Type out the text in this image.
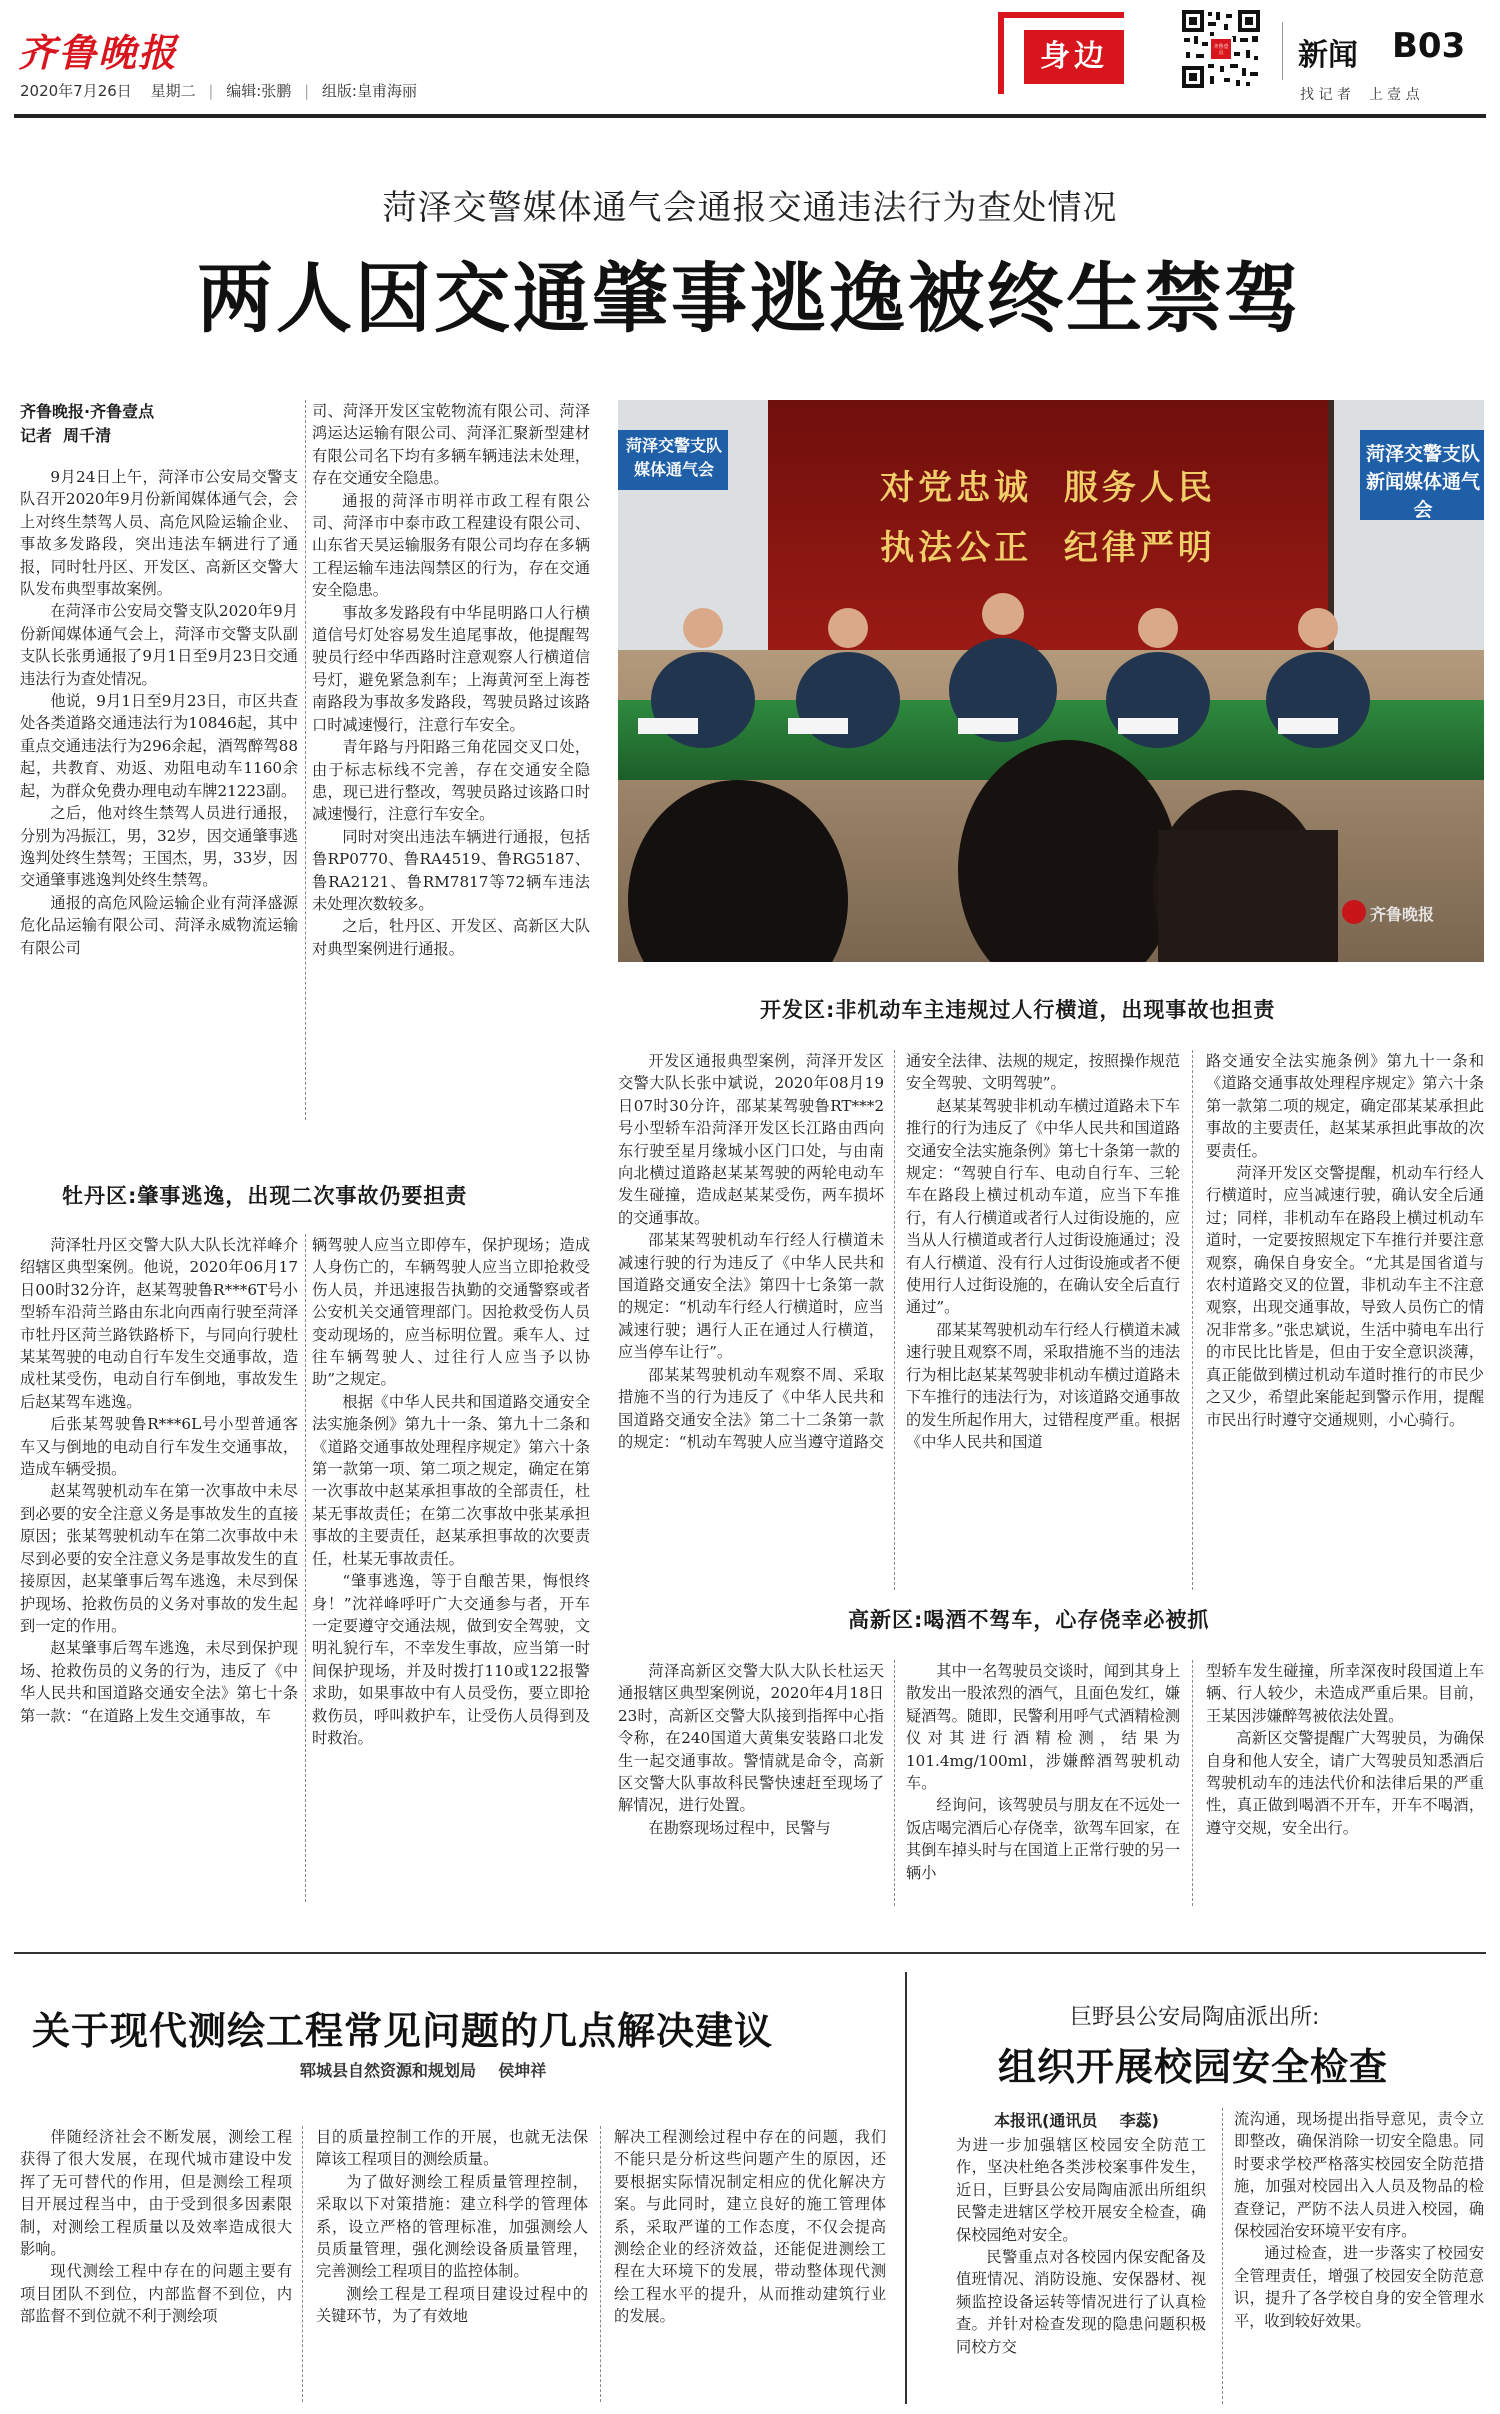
齐鲁晚报
2020年7月26日 星期二 | 编辑:张鹏 | 组版:皇甫海丽
身边	齐鲁壹点 新闻 B03
找 记 者    上 壹 点
菏泽交警媒体通气会通报交通违法行为查处情况
两人因交通肇事逃逸被终生禁驾
齐鲁晚报·齐鲁壹点
记者  周千清

9月24日上午，菏泽市公安局交警支队召开2020年9月份新闻媒体通气会，会上对终生禁驾人员、高危风险运输企业、事故多发路段，突出违法车辆进行了通报，同时牡丹区、开发区、高新区交警大队发布典型事故案例。

在菏泽市公安局交警支队2020年9月份新闻媒体通气会上，菏泽市交警支队副支队长张勇通报了9月1日至9月23日交通违法行为查处情况。

他说，9月1日至9月23日，市区共查处各类道路交通违法行为10846起，其中重点交通违法行为296余起，酒驾醉驾88起，共教育、劝返、劝阻电动车1160余起，为群众免费办理电动车牌21223副。

之后，他对终生禁驾人员进行通报，分别为冯振江，男，32岁，因交通肇事逃逸判处终生禁驾；王国杰，男，33岁，因交通肇事逃逸判处终生禁驾。

通报的高危风险运输企业有菏泽盛源危化品运输有限公司、菏泽永威物流运输有限公司

司、菏泽开发区宝乾物流有限公司、菏泽鸿运达运输有限公司、菏泽汇聚新型建材有限公司名下均有多辆车辆违法未处理，存在交通安全隐患。

通报的菏泽市明祥市政工程有限公司、菏泽市中泰市政工程建设有限公司、山东省天昊运输服务有限公司均存在多辆工程运输车违法闯禁区的行为，存在交通安全隐患。

事故多发路段有中华昆明路口人行横道信号灯处容易发生追尾事故，他提醒驾驶员行经中华西路时注意观察人行横道信号灯，避免紧急刹车；上海黄河至上海苍南路段为事故多发路段，驾驶员路过该路口时减速慢行，注意行车安全。

青年路与丹阳路三角花园交叉口处，由于标志标线不完善，存在交通安全隐患，现已进行整改，驾驶员路过该路口时减速慢行，注意行车安全。

同时对突出违法车辆进行通报，包括鲁RP0770、鲁RA4519、鲁RG5187、鲁RA2121、鲁RM7817等72辆车违法未处理次数较多。

之后，牡丹区、开发区、高新区大队对典型案例进行通报。

菏泽交警支队 媒体通气会
菏泽交警支队 新闻媒体通气会
对党忠诚  服务人民
执法公正  纪律严明
齐鲁晚报
开发区:非机动车主违规过人行横道，出现事故也担责

开发区通报典型案例，菏泽开发区交警大队长张中斌说，2020年08月19日07时30分许，邵某某驾驶鲁RT***2号小型轿车沿菏泽开发区长江路由西向东行驶至星月缘城小区门口处，与由南向北横过道路赵某某驾驶的两轮电动车发生碰撞，造成赵某某受伤，两车损坏的交通事故。

邵某某驾驶机动车行经人行横道未减速行驶的行为违反了《中华人民共和国道路交通安全法》第四十七条第一款的规定：“机动车行经人行横道时，应当减速行驶；遇行人正在通过人行横道，应当停车让行”。

邵某某驾驶机动车观察不周、采取措施不当的行为违反了《中华人民共和国道路交通安全法》第二十二条第一款的规定：“机动车驾驶人应当遵守道路交

通安全法律、法规的规定，按照操作规范安全驾驶、文明驾驶”。

赵某某驾驶非机动车横过道路未下车推行的行为违反了《中华人民共和国道路交通安全法实施条例》第七十条第一款的规定：“驾驶自行车、电动自行车、三轮车在路段上横过机动车道，应当下车推行，有人行横道或者行人过街设施的，应当从人行横道或者行人过街设施通过；没有人行横道、没有行人过街设施或者不便使用行人过街设施的，在确认安全后直行通过”。

邵某某驾驶机动车行经人行横道未减速行驶且观察不周，采取措施不当的违法行为相比赵某某驾驶非机动车横过道路未下车推行的违法行为，对该道路交通事故的发生所起作用大，过错程度严重。根据《中华人民共和国道

路交通安全法实施条例》第九十一条和《道路交通事故处理程序规定》第六十条第一款第二项的规定，确定邵某某承担此事故的主要责任，赵某某承担此事故的次要责任。

菏泽开发区交警提醒，机动车行经人行横道时，应当减速行驶，确认安全后通过；同样，非机动车在路段上横过机动车道时，一定要按照规定下车推行并要注意观察，确保自身安全。“尤其是国省道与农村道路交叉的位置，非机动车主不注意观察，出现交通事故，导致人员伤亡的情况非常多。”张忠斌说，生活中骑电车出行的市民比比皆是，但由于安全意识淡薄，真正能做到横过机动车道时推行的市民少之又少，希望此案能起到警示作用，提醒市民出行时遵守交通规则，小心骑行。

牡丹区:肇事逃逸，出现二次事故仍要担责

菏泽牡丹区交警大队大队长沈祥峰介绍辖区典型案例。他说，2020年06月17日00时32分许，赵某驾驶鲁R***6T号小型轿车沿菏兰路由东北向西南行驶至菏泽市牡丹区菏兰路铁路桥下，与同向行驶杜某某驾驶的电动自行车发生交通事故，造成杜某受伤，电动自行车倒地，事故发生后赵某驾车逃逸。

后张某驾驶鲁R***6L号小型普通客车又与倒地的电动自行车发生交通事故，造成车辆受损。

赵某驾驶机动车在第一次事故中未尽到必要的安全注意义务是事故发生的直接原因；张某驾驶机动车在第二次事故中未尽到必要的安全注意义务是事故发生的直接原因，赵某肇事后驾车逃逸，未尽到保护现场、抢救伤员的义务对事故的发生起到一定的作用。

赵某肇事后驾车逃逸，未尽到保护现场、抢救伤员的义务的行为，违反了《中华人民共和国道路交通安全法》第七十条第一款：“在道路上发生交通事故，车

辆驾驶人应当立即停车，保护现场；造成人身伤亡的，车辆驾驶人应当立即抢救受伤人员，并迅速报告执勤的交通警察或者公安机关交通管理部门。因抢救受伤人员变动现场的，应当标明位置。乘车人、过往车辆驾驶人、过往行人应当予以协助”之规定。

根据《中华人民共和国道路交通安全法实施条例》第九十一条、第九十二条和《道路交通事故处理程序规定》第六十条第一款第一项、第二项之规定，确定在第一次事故中赵某承担事故的全部责任，杜某无事故责任；在第二次事故中张某承担事故的主要责任，赵某承担事故的次要责任，杜某无事故责任。

“肇事逃逸，等于自酿苦果，悔恨终身！”沈祥峰呼吁广大交通参与者，开车一定要遵守交通法规，做到安全驾驶，文明礼貌行车，不幸发生事故，应当第一时间保护现场，并及时拨打110或122报警求助，如果事故中有人员受伤，要立即抢救伤员，呼叫救护车，让受伤人员得到及时救治。

高新区:喝酒不驾车，心存侥幸必被抓

菏泽高新区交警大队大队长杜运天通报辖区典型案例说，2020年4月18日23时，高新区交警大队接到指挥中心指令称，在240国道大黄集安装路口北发生一起交通事故。警情就是命令，高新区交警大队事故科民警快速赶至现场了解情况，进行处置。

在勘察现场过程中，民警与

其中一名驾驶员交谈时，闻到其身上散发出一股浓烈的酒气，且面色发红，嫌疑酒驾。随即，民警利用呼气式酒精检测仪对其进行酒精检测，结果为101.4mg/100ml，涉嫌醉酒驾驶机动车。

经询问，该驾驶员与朋友在不远处一饭店喝完酒后心存侥幸，欲驾车回家，在其倒车掉头时与在国道上正常行驶的另一辆小

型轿车发生碰撞，所幸深夜时段国道上车辆、行人较少，未造成严重后果。目前，王某因涉嫌醉驾被依法处置。

高新区交警提醒广大驾驶员，为确保自身和他人安全，请广大驾驶员知悉酒后驾驶机动车的违法代价和法律后果的严重性，真正做到喝酒不开车，开车不喝酒，遵守交规，安全出行。

关于现代测绘工程常见问题的几点解决建议
郓城县自然资源和规划局    侯坤祥

伴随经济社会不断发展，测绘工程获得了很大发展，在现代城市建设中发挥了无可替代的作用，但是测绘工程项目开展过程当中，由于受到很多因素限制，对测绘工程质量以及效率造成很大影响。

现代测绘工程中存在的问题主要有项目团队不到位，内部监督不到位，内部监督不到位就不利于测绘项

目的质量控制工作的开展，也就无法保障该工程项目的测绘质量。

为了做好测绘工程质量管理控制，采取以下对策措施：建立科学的管理体系，设立严格的管理标准，加强测绘人员质量管理，强化测绘设备质量管理，完善测绘工程项目的监控体制。

测绘工程是工程项目建设过程中的关键环节，为了有效地

解决工程测绘过程中存在的问题，我们不能只是分析这些问题产生的原因，还要根据实际情况制定相应的优化解决方案。与此同时，建立良好的施工管理体系，采取严谨的工作态度，不仅会提高测绘企业的经济效益，还能促进测绘工程在大环境下的发展，带动整体现代测绘工程水平的提升，从而推动建筑行业的发展。

巨野县公安局陶庙派出所:
组织开展校园安全检查
本报讯(通讯员    李蕊)

为进一步加强辖区校园安全防范工作，坚决杜绝各类涉校案事件发生，近日，巨野县公安局陶庙派出所组织民警走进辖区学校开展安全检查，确保校园绝对安全。

民警重点对各校园内保安配备及值班情况、消防设施、安保器材、视频监控设备运转等情况进行了认真检查。并针对检查发现的隐患问题积极同校方交

流沟通，现场提出指导意见，责令立即整改，确保消除一切安全隐患。同时要求学校严格落实校园安全防范措施，加强对校园出入人员及物品的检查登记，严防不法人员进入校园，确保校园治安环境平安有序。

通过检查，进一步落实了校园安全管理责任，增强了校园安全防范意识，提升了各学校自身的安全管理水平，收到较好效果。
